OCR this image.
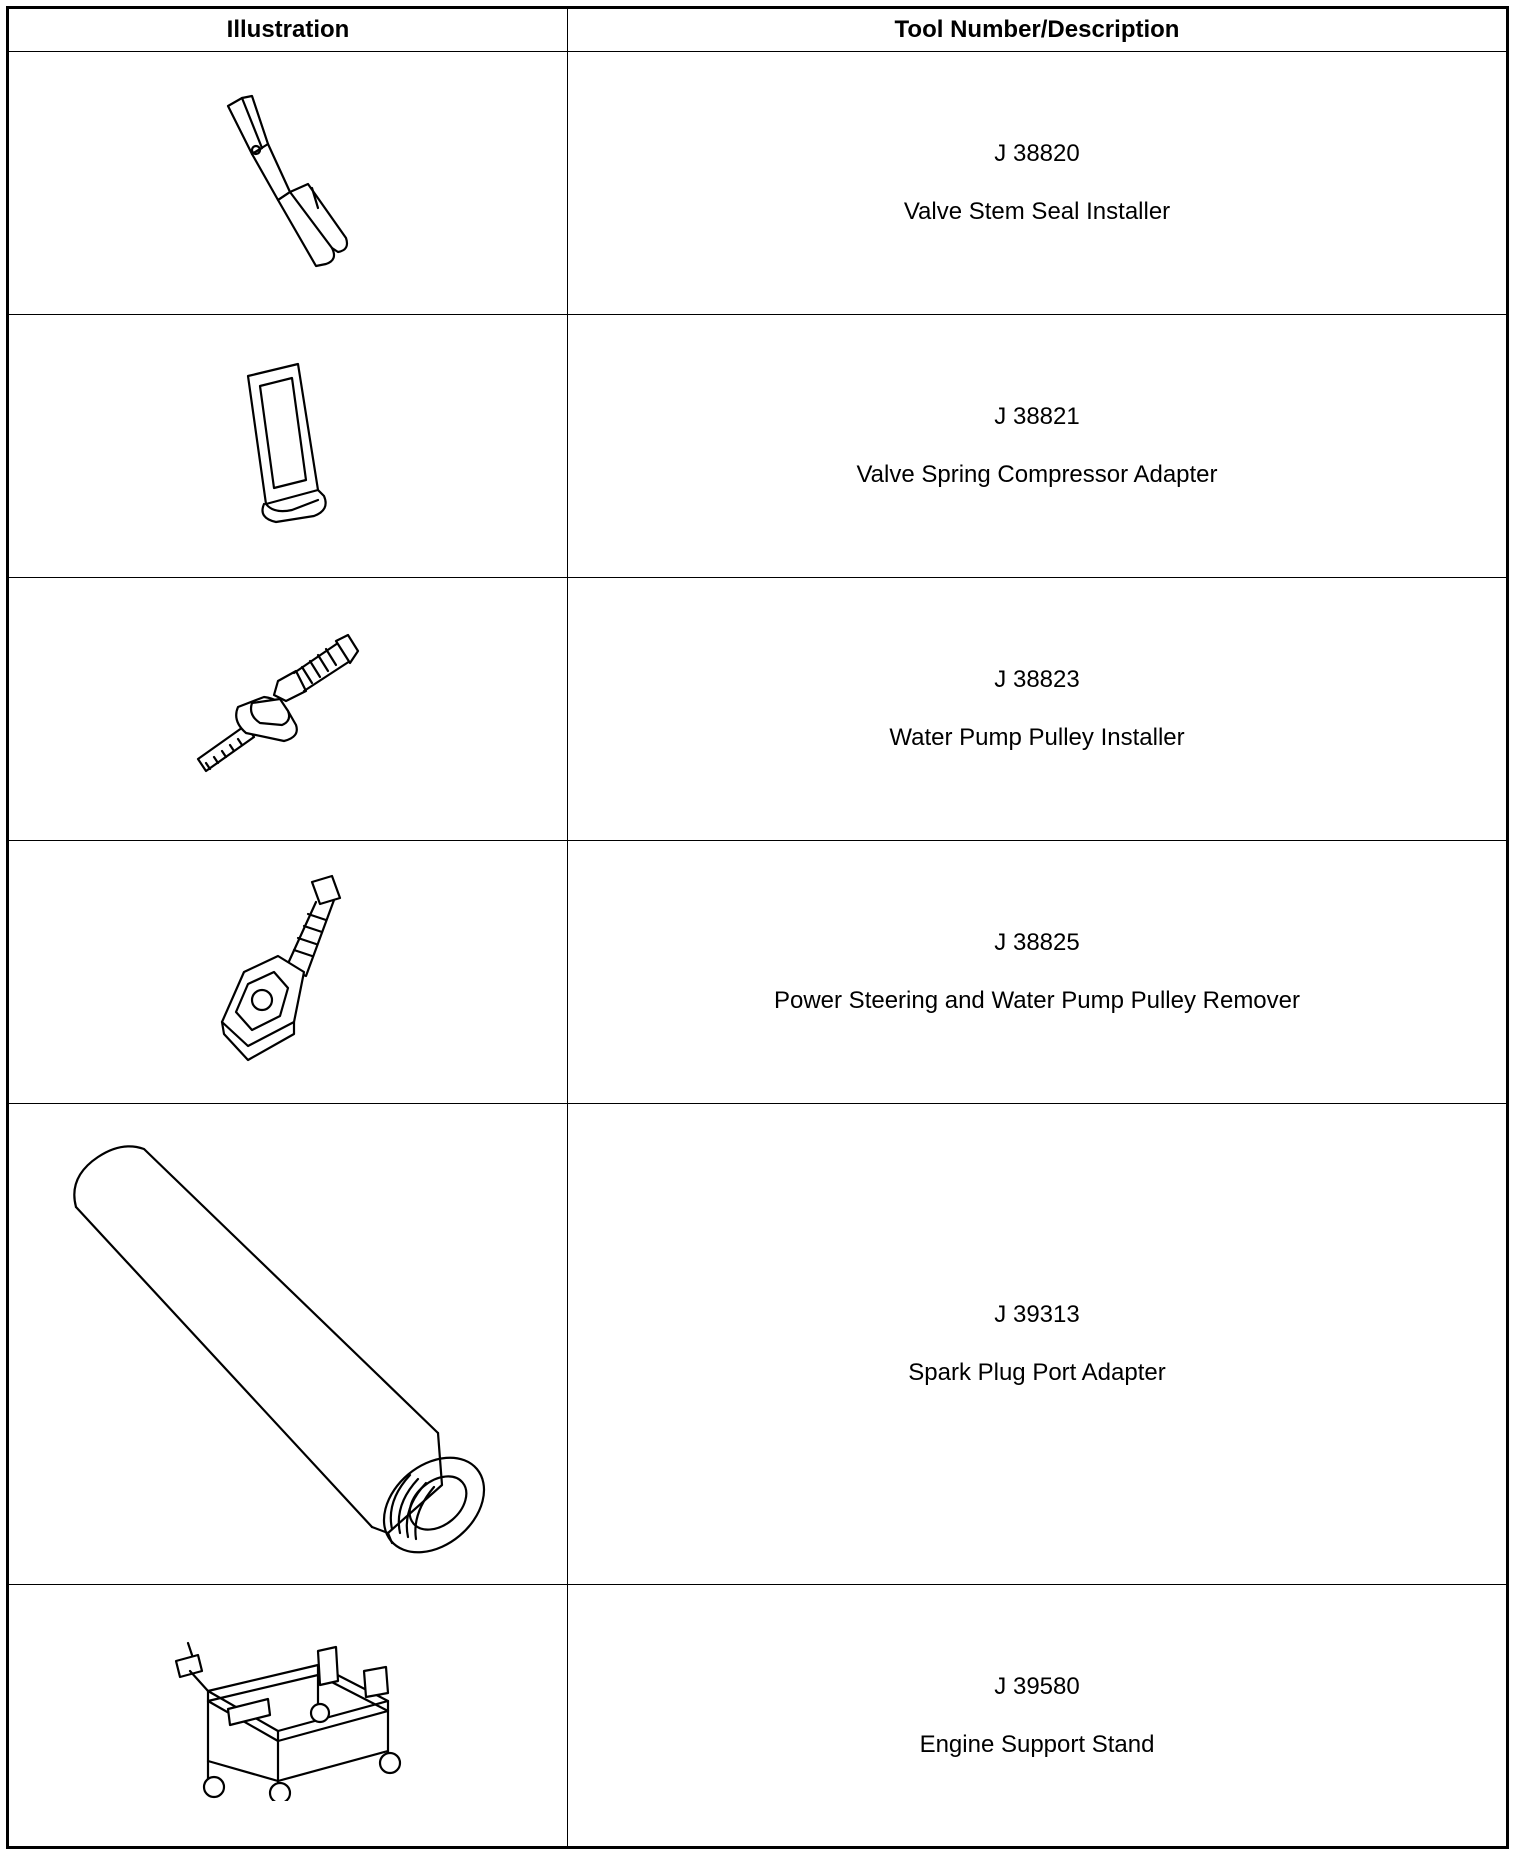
Illustration	Tool Number/Description

J 38820
Valve Stem Seal Installer

J 38821
Valve Spring Compressor Adapter

J 38823
Water Pump Pulley Installer

J 38825
Power Steering and Water Pump Pulley Remover

J 39313
Spark Plug Port Adapter

J 39580
Engine Support Stand
